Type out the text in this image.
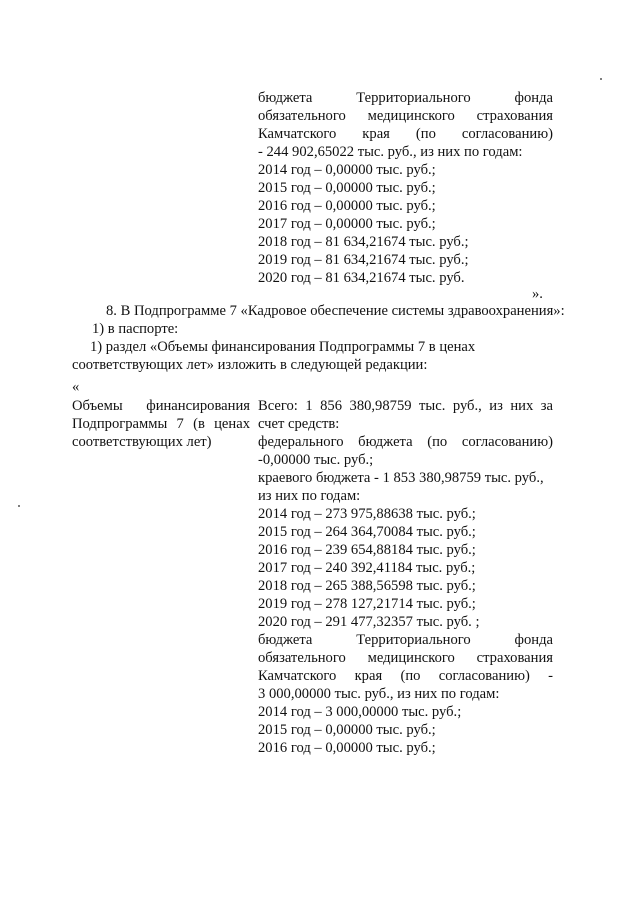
бюджета Территориального фонда
обязательного медицинского страхования
Камчатского края (по согласованию)
- 244 902,65022 тыс. руб., из них по годам:
2014 год – 0,00000 тыс. руб.;
2015 год – 0,00000 тыс. руб.;
2016 год – 0,00000 тыс. руб.;
2017 год – 0,00000 тыс. руб.;
2018 год – 81 634,21674 тыс. руб.;
2019 год – 81 634,21674 тыс. руб.;
2020 год – 81 634,21674 тыс. руб.
».
8. В Подпрограмме 7 «Кадровое обеспечение системы здравоохранения»:
1) в паспорте:
1) раздел «Объемы финансирования Подпрограммы 7 в ценах
соответствующих лет» изложить в следующей редакции:
«
Объемы финансирования
Подпрограммы 7 (в ценах
соответствующих лет)
Всего: 1 856 380,98759 тыс. руб., из них за
счет средств:
федерального бюджета (по согласованию)
-0,00000 тыс. руб.;
краевого бюджета - 1 853 380,98759 тыс. руб.,
из них по годам:
2014 год – 273 975,88638 тыс. руб.;
2015 год – 264 364,70084 тыс. руб.;
2016 год – 239 654,88184 тыс. руб.;
2017 год – 240 392,41184 тыс. руб.;
2018 год – 265 388,56598 тыс. руб.;
2019 год – 278 127,21714 тыс. руб.;
2020 год – 291 477,32357 тыс. руб. ;
бюджета Территориального фонда
обязательного медицинского страхования
Камчатского края (по согласованию) -
3 000,00000 тыс. руб., из них по годам:
2014 год – 3 000,00000 тыс. руб.;
2015 год – 0,00000 тыс. руб.;
2016 год – 0,00000 тыс. руб.;
